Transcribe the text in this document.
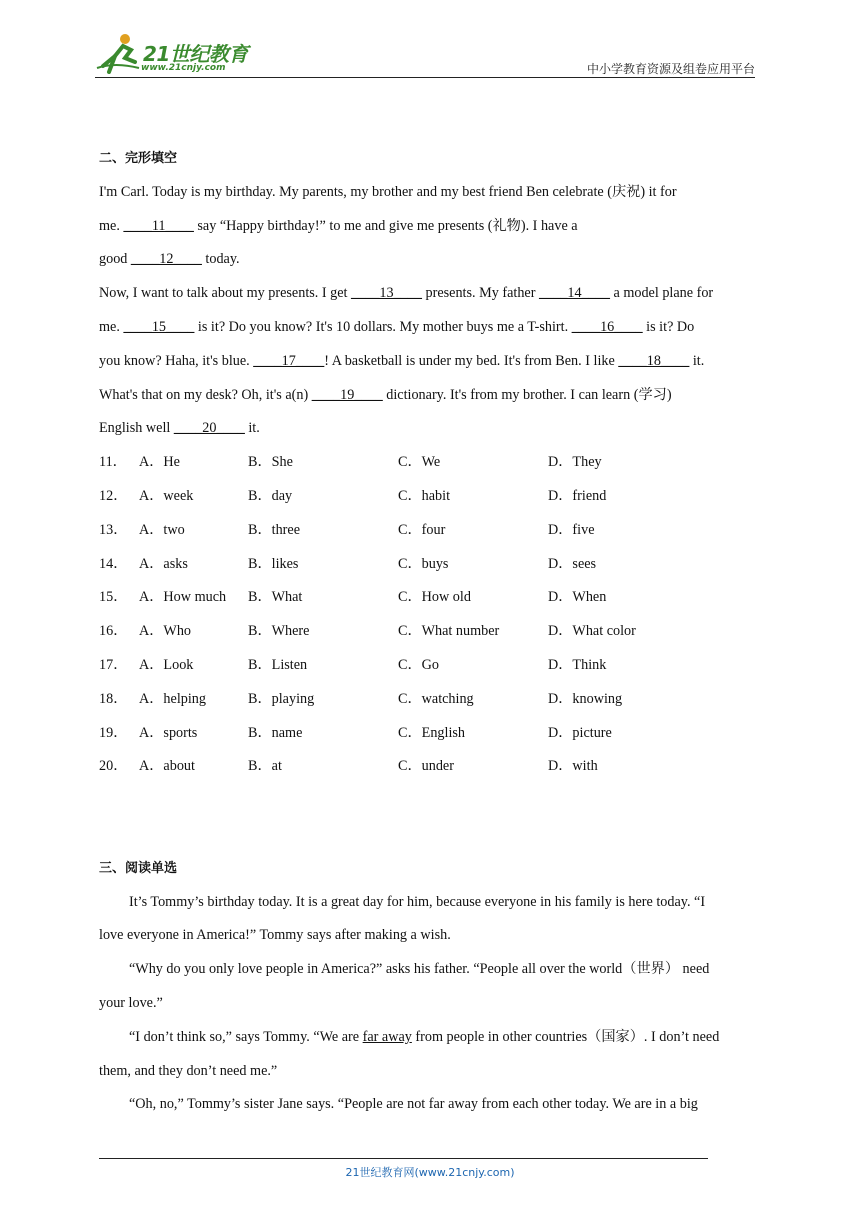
21世纪教育
www.21cnjy.com	中小学教育资源及组卷应用平台
二、完形填空
I'm Carl. Today is my birthday. My parents, my brother and my best friend Ben celebrate (庆祝) it for
me. ____11____ say “Happy birthday!” to me and give me presents (礼物). I have a
good ____12____ today.
Now, I want to talk about my presents. I get ____13____ presents. My father ____14____ a model plane for
me. ____15____ is it? Do you know? It's 10 dollars. My mother buys me a T-shirt. ____16____ is it? Do
you know? Haha, it's blue. ____17____! A basketball is under my bed. It's from Ben. I like ____18____ it.
What's that on my desk? Oh, it's a(n) ____19____ dictionary. It's from my brother. I can learn (学习)
English well ____20____ it.
11． A．He	B．She	C．We	D．They
12． A．week	B．day	C．habit	D．friend
13． A．two	B．three	C．four	D．five
14． A．asks	B．likes	C．buys	D．sees
15． A．How much B．What	C．How old	D．When
16． A．Who	B．Where	C．What number	D．What color
17． A．Look	B．Listen	C．Go	D．Think
18． A．helping	B．playing	C．watching	D．knowing
19． A．sports	B．name	C．English	D．picture
20． A．about	B．at	C．under	D．with
三、阅读单选
It’s Tommy’s birthday today. It is a great day for him, because everyone in his family is here today. “I
love everyone in America!” Tommy says after making a wish.
“Why do you only love people in America?” asks his father. “People all over the world（世界） need
your love.”
“I don’t think so,” says Tommy. “We are far away from people in other countries（国家）. I don’t need
them, and they don’t need me.”
“Oh, no,” Tommy’s sister Jane says. “People are not far away from each other today. We are in a big
21世纪教育网(www.21cnjy.com)
